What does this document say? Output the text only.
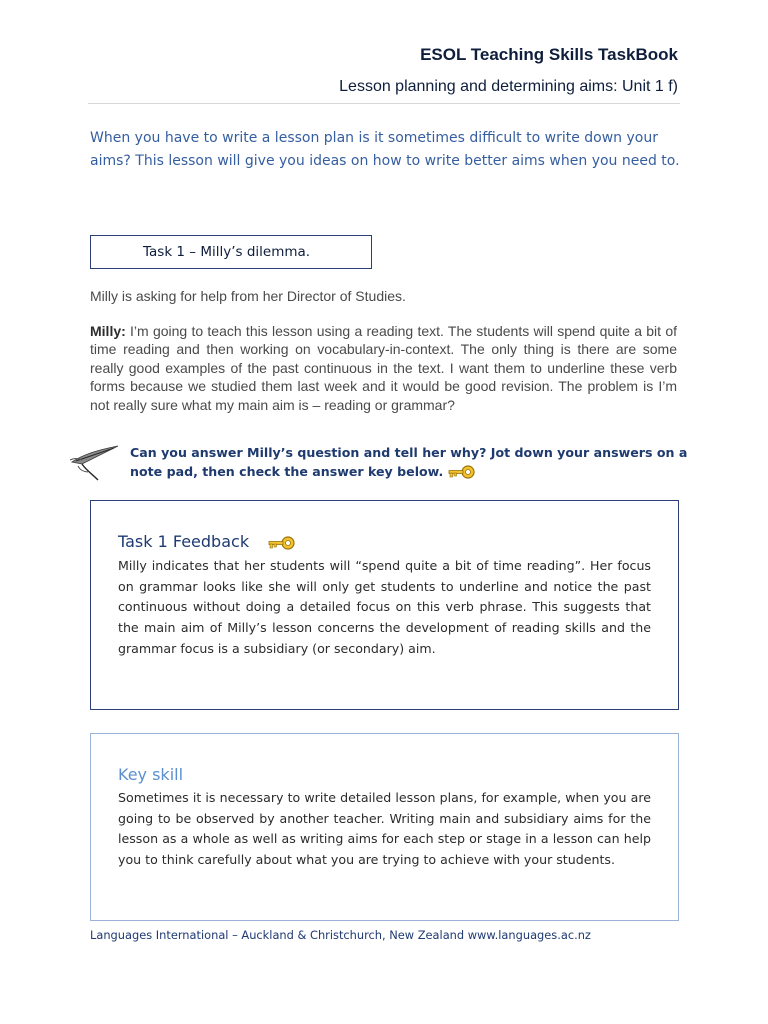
ESOL Teaching Skills TaskBook
Lesson planning and determining aims: Unit 1 f)
When you have to write a lesson plan is it sometimes difficult to write down your aims? This lesson will give you ideas on how to write better aims when you need to.
Task 1 – Milly’s dilemma.
Milly is asking for help from her Director of Studies.
Milly: I’m going to teach this lesson using a reading text. The students will spend quite a bit of time reading and then working on vocabulary-in-context. The only thing is there are some really good examples of the past continuous in the text. I want them to underline these verb forms because we studied them last week and it would be good revision. The problem is I’m not really sure what my main aim is – reading or grammar?
Can you answer Milly’s question and tell her why? Jot down your answers on a note pad, then check the answer key below.
Task 1 Feedback
Milly indicates that her students will “spend quite a bit of time reading”. Her focus on grammar looks like she will only get students to underline and notice the past continuous without doing a detailed focus on this verb phrase. This suggests that the main aim of Milly’s lesson concerns the development of reading skills and the grammar focus is a subsidiary (or secondary) aim.
Key skill
Sometimes it is necessary to write detailed lesson plans, for example, when you are going to be observed by another teacher. Writing main and subsidiary aims for the lesson as a whole as well as writing aims for each step or stage in a lesson can help you to think carefully about what you are trying to achieve with your students.
Languages International – Auckland & Christchurch, New Zealand www.languages.ac.nz
